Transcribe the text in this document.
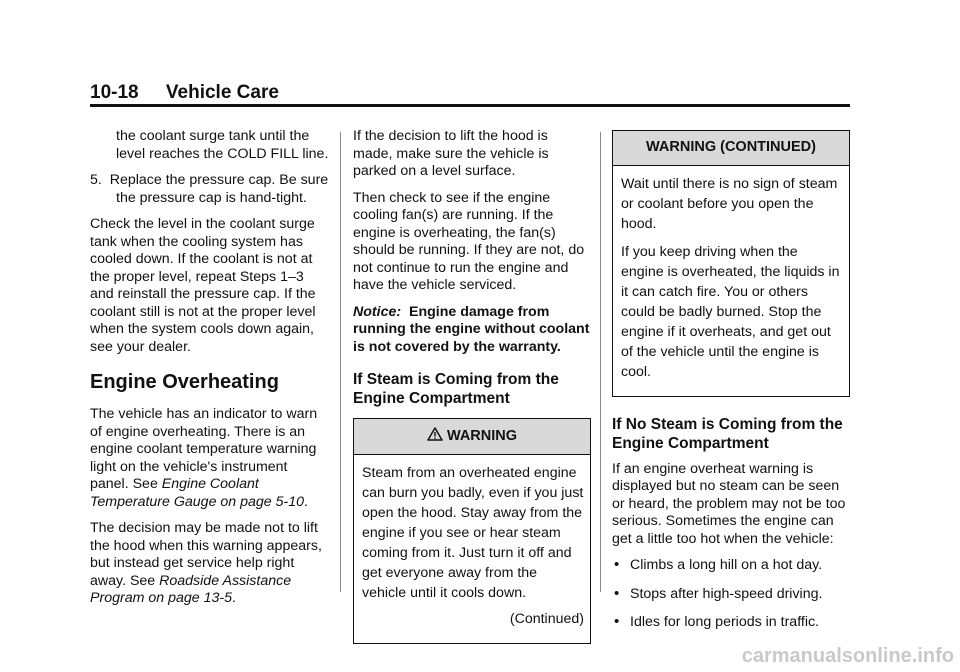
10-18 Vehicle Care

the coolant surge tank until the level reaches the COLD FILL line.

5. Replace the pressure cap. Be sure the pressure cap is hand-tight.

Check the level in the coolant surge tank when the cooling system has cooled down. If the coolant is not at the proper level, repeat Steps 1–3 and reinstall the pressure cap. If the coolant still is not at the proper level when the system cools down again, see your dealer.

Engine Overheating

The vehicle has an indicator to warn of engine overheating. There is an engine coolant temperature warning light on the vehicle's instrument panel. See Engine Coolant Temperature Gauge on page 5-10.

The decision may be made not to lift the hood when this warning appears, but instead get service help right away. See Roadside Assistance Program on page 13-5.

If the decision to lift the hood is made, make sure the vehicle is parked on a level surface.

Then check to see if the engine cooling fan(s) are running. If the engine is overheating, the fan(s) should be running. If they are not, do not continue to run the engine and have the vehicle serviced.

Notice: Engine damage from running the engine without coolant is not covered by the warranty.

If Steam is Coming from the Engine Compartment
WARNING

Steam from an overheated engine can burn you badly, even if you just open the hood. Stay away from the engine if you see or hear steam coming from it. Just turn it off and get everyone away from the vehicle until it cools down.

(Continued)

WARNING (CONTINUED)

Wait until there is no sign of steam or coolant before you open the hood.

If you keep driving when the engine is overheated, the liquids in it can catch fire. You or others could be badly burned. Stop the engine if it overheats, and get out of the vehicle until the engine is cool.

If No Steam is Coming from the Engine Compartment

If an engine overheat warning is displayed but no steam can be seen or heard, the problem may not be too serious. Sometimes the engine can get a little too hot when the vehicle:

• Climbs a long hill on a hot day.
• Stops after high-speed driving.
• Idles for long periods in traffic.
carmanualsonline.info
